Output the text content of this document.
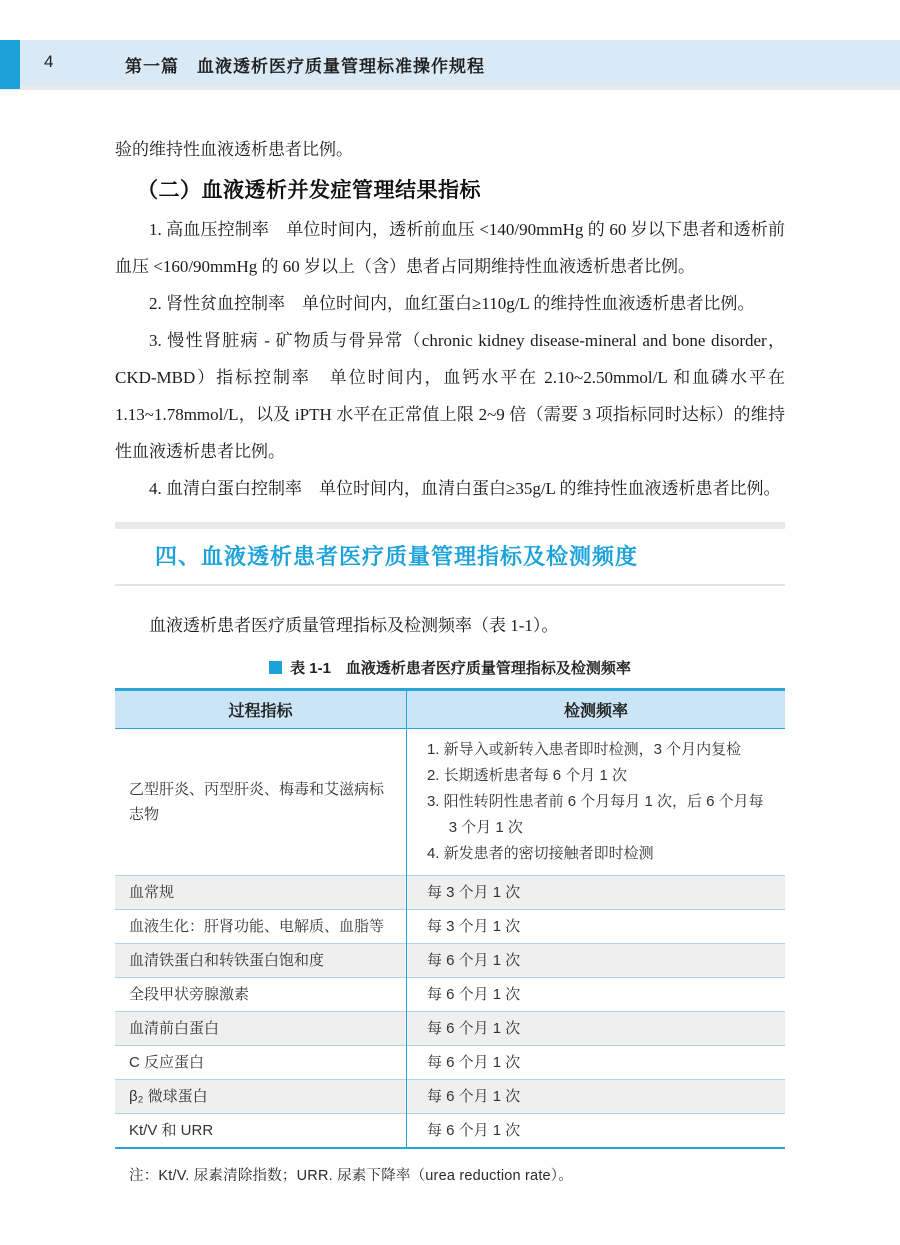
4	第一篇　血液透析医疗质量管理标准操作规程

验的维持性血液透析患者比例。

（二）血液透析并发症管理结果指标

1. 高血压控制率　单位时间内，透析前血压 <140/90mmHg 的 60 岁以下患者和透析前血压 <160/90mmHg 的 60 岁以上（含）患者占同期维持性血液透析患者比例。

2. 肾性贫血控制率　单位时间内，血红蛋白≥110g/L 的维持性血液透析患者比例。

3. 慢性肾脏病 - 矿物质与骨异常（chronic kidney disease-mineral and bone disorder，CKD-MBD）指标控制率　单位时间内，血钙水平在 2.10~2.50mmol/L 和血磷水平在 1.13~1.78mmol/L，以及 iPTH 水平在正常值上限 2~9 倍（需要 3 项指标同时达标）的维持性血液透析患者比例。

4. 血清白蛋白控制率　单位时间内，血清白蛋白≥35g/L 的维持性血液透析患者比例。

四、血液透析患者医疗质量管理指标及检测频度

血液透析患者医疗质量管理指标及检测频率（表 1-1）。

表 1-1　血液透析患者医疗质量管理指标及检测频率
过程指标	检测频率
乙型肝炎、丙型肝炎、梅毒和艾滋病标志物	1. 新导入或新转入患者即时检测，3 个月内复检
2. 长期透析患者每 6 个月 1 次
3. 阳性转阴性患者前 6 个月每月 1 次，后 6 个月每 3 个月 1 次
4. 新发患者的密切接触者即时检测

血常规	每 3 个月 1 次
血液生化：肝肾功能、电解质、血脂等	每 3 个月 1 次
血清铁蛋白和转铁蛋白饱和度	每 6 个月 1 次
全段甲状旁腺激素	每 6 个月 1 次
血清前白蛋白	每 6 个月 1 次
C 反应蛋白	每 6 个月 1 次
β₂ 微球蛋白	每 6 个月 1 次
Kt/V 和 URR	每 6 个月 1 次

注：Kt/V. 尿素清除指数；URR. 尿素下降率（urea reduction rate）。
